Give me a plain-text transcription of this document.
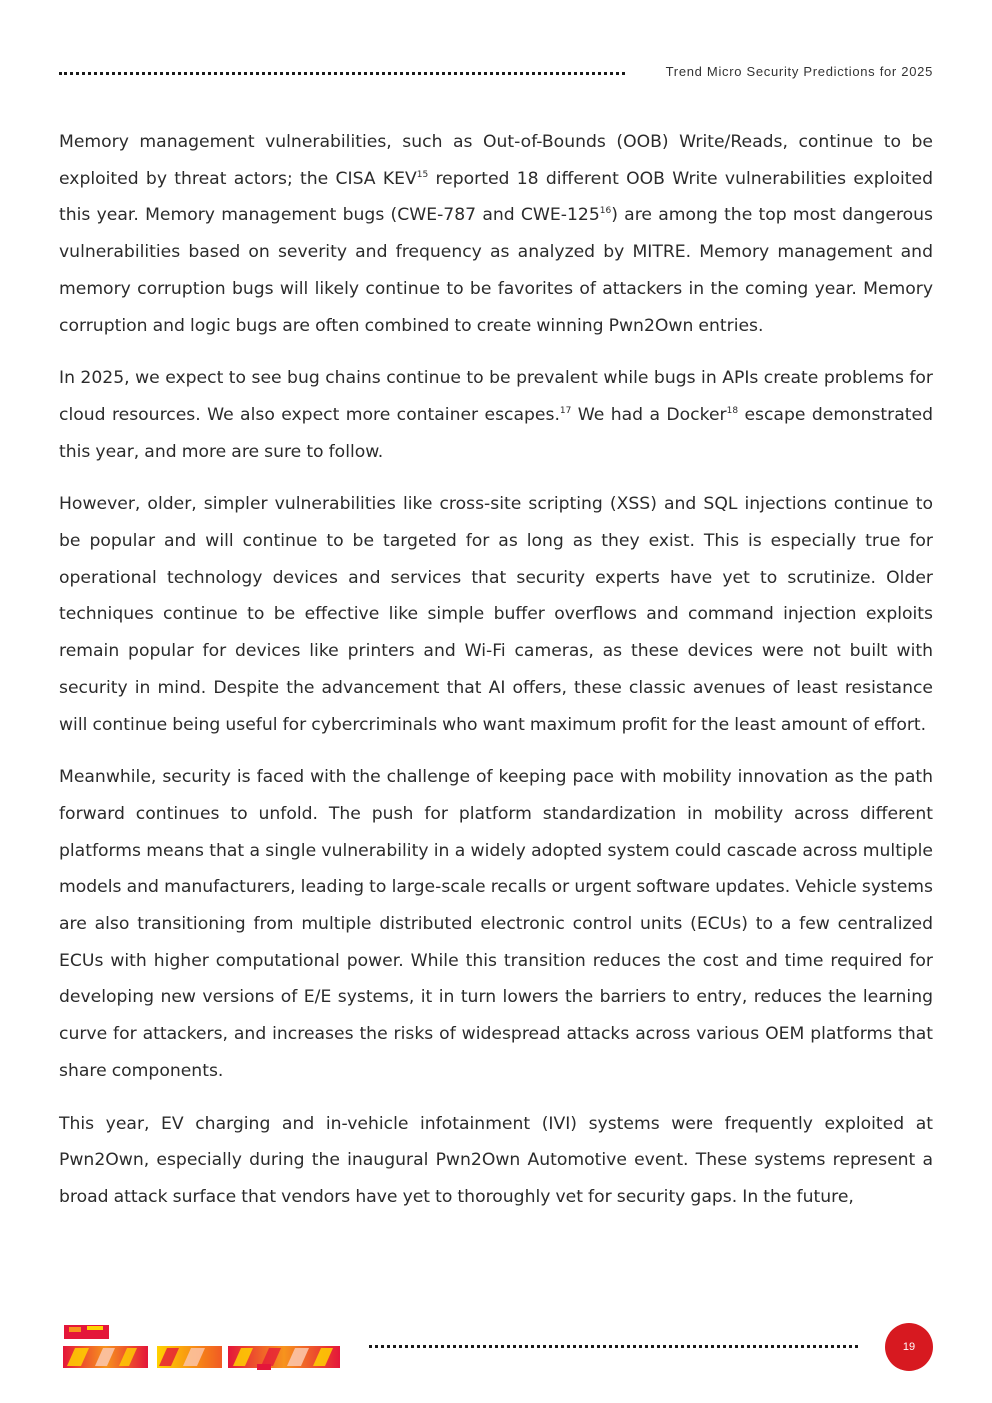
Trend Micro Security Predictions for 2025

Memory management vulnerabilities, such as Out-of-Bounds (OOB) Write/Reads, continue to be exploited by threat actors; the CISA KEV$^{15}$ reported 18 different OOB Write vulnerabilities exploited this year. Memory management bugs (CWE-787 and CWE-$125^{16}$) are among the top most dangerous vulnerabilities based on severity and frequency as analyzed by MITRE. Memory management and memory corruption bugs will likely continue to be favorites of attackers in the coming year. Memory corruption and logic bugs are often combined to create winning Pwn2Own entries.

In 2025, we expect to see bug chains continue to be prevalent while bugs in APIs create problems for cloud resources. We also expect more container escapes.$^{17}$ We had a Docker$^{18}$ escape demonstrated this year, and more are sure to follow.

However, older, simpler vulnerabilities like cross-site scripting (XSS) and SQL injections continue to be popular and will continue to be targeted for as long as they exist. This is especially true for operational technology devices and services that security experts have yet to scrutinize. Older techniques continue to be effective like simple buffer overflows and command injection exploits remain popular for devices like printers and Wi-Fi cameras, as these devices were not built with security in mind. Despite the advancement that AI offers, these classic avenues of least resistance will continue being useful for cybercriminals who want maximum profit for the least amount of effort.

Meanwhile, security is faced with the challenge of keeping pace with mobility innovation as the path forward continues to unfold. The push for platform standardization in mobility across different platforms means that a single vulnerability in a widely adopted system could cascade across multiple models and manufacturers, leading to large-scale recalls or urgent software updates. Vehicle systems are also transitioning from multiple distributed electronic control units (ECUs) to a few centralized ECUs with higher computational power. While this transition reduces the cost and time required for developing new versions of E/E systems, it in turn lowers the barriers to entry, reduces the learning curve for attackers, and increases the risks of widespread attacks across various OEM platforms that share components.

This year, EV charging and in-vehicle infotainment (IVI) systems were frequently exploited at Pwn2Own, especially during the inaugural Pwn2Own Automotive event. These systems represent a broad attack surface that vendors have yet to thoroughly vet for security gaps. In the future,

19
